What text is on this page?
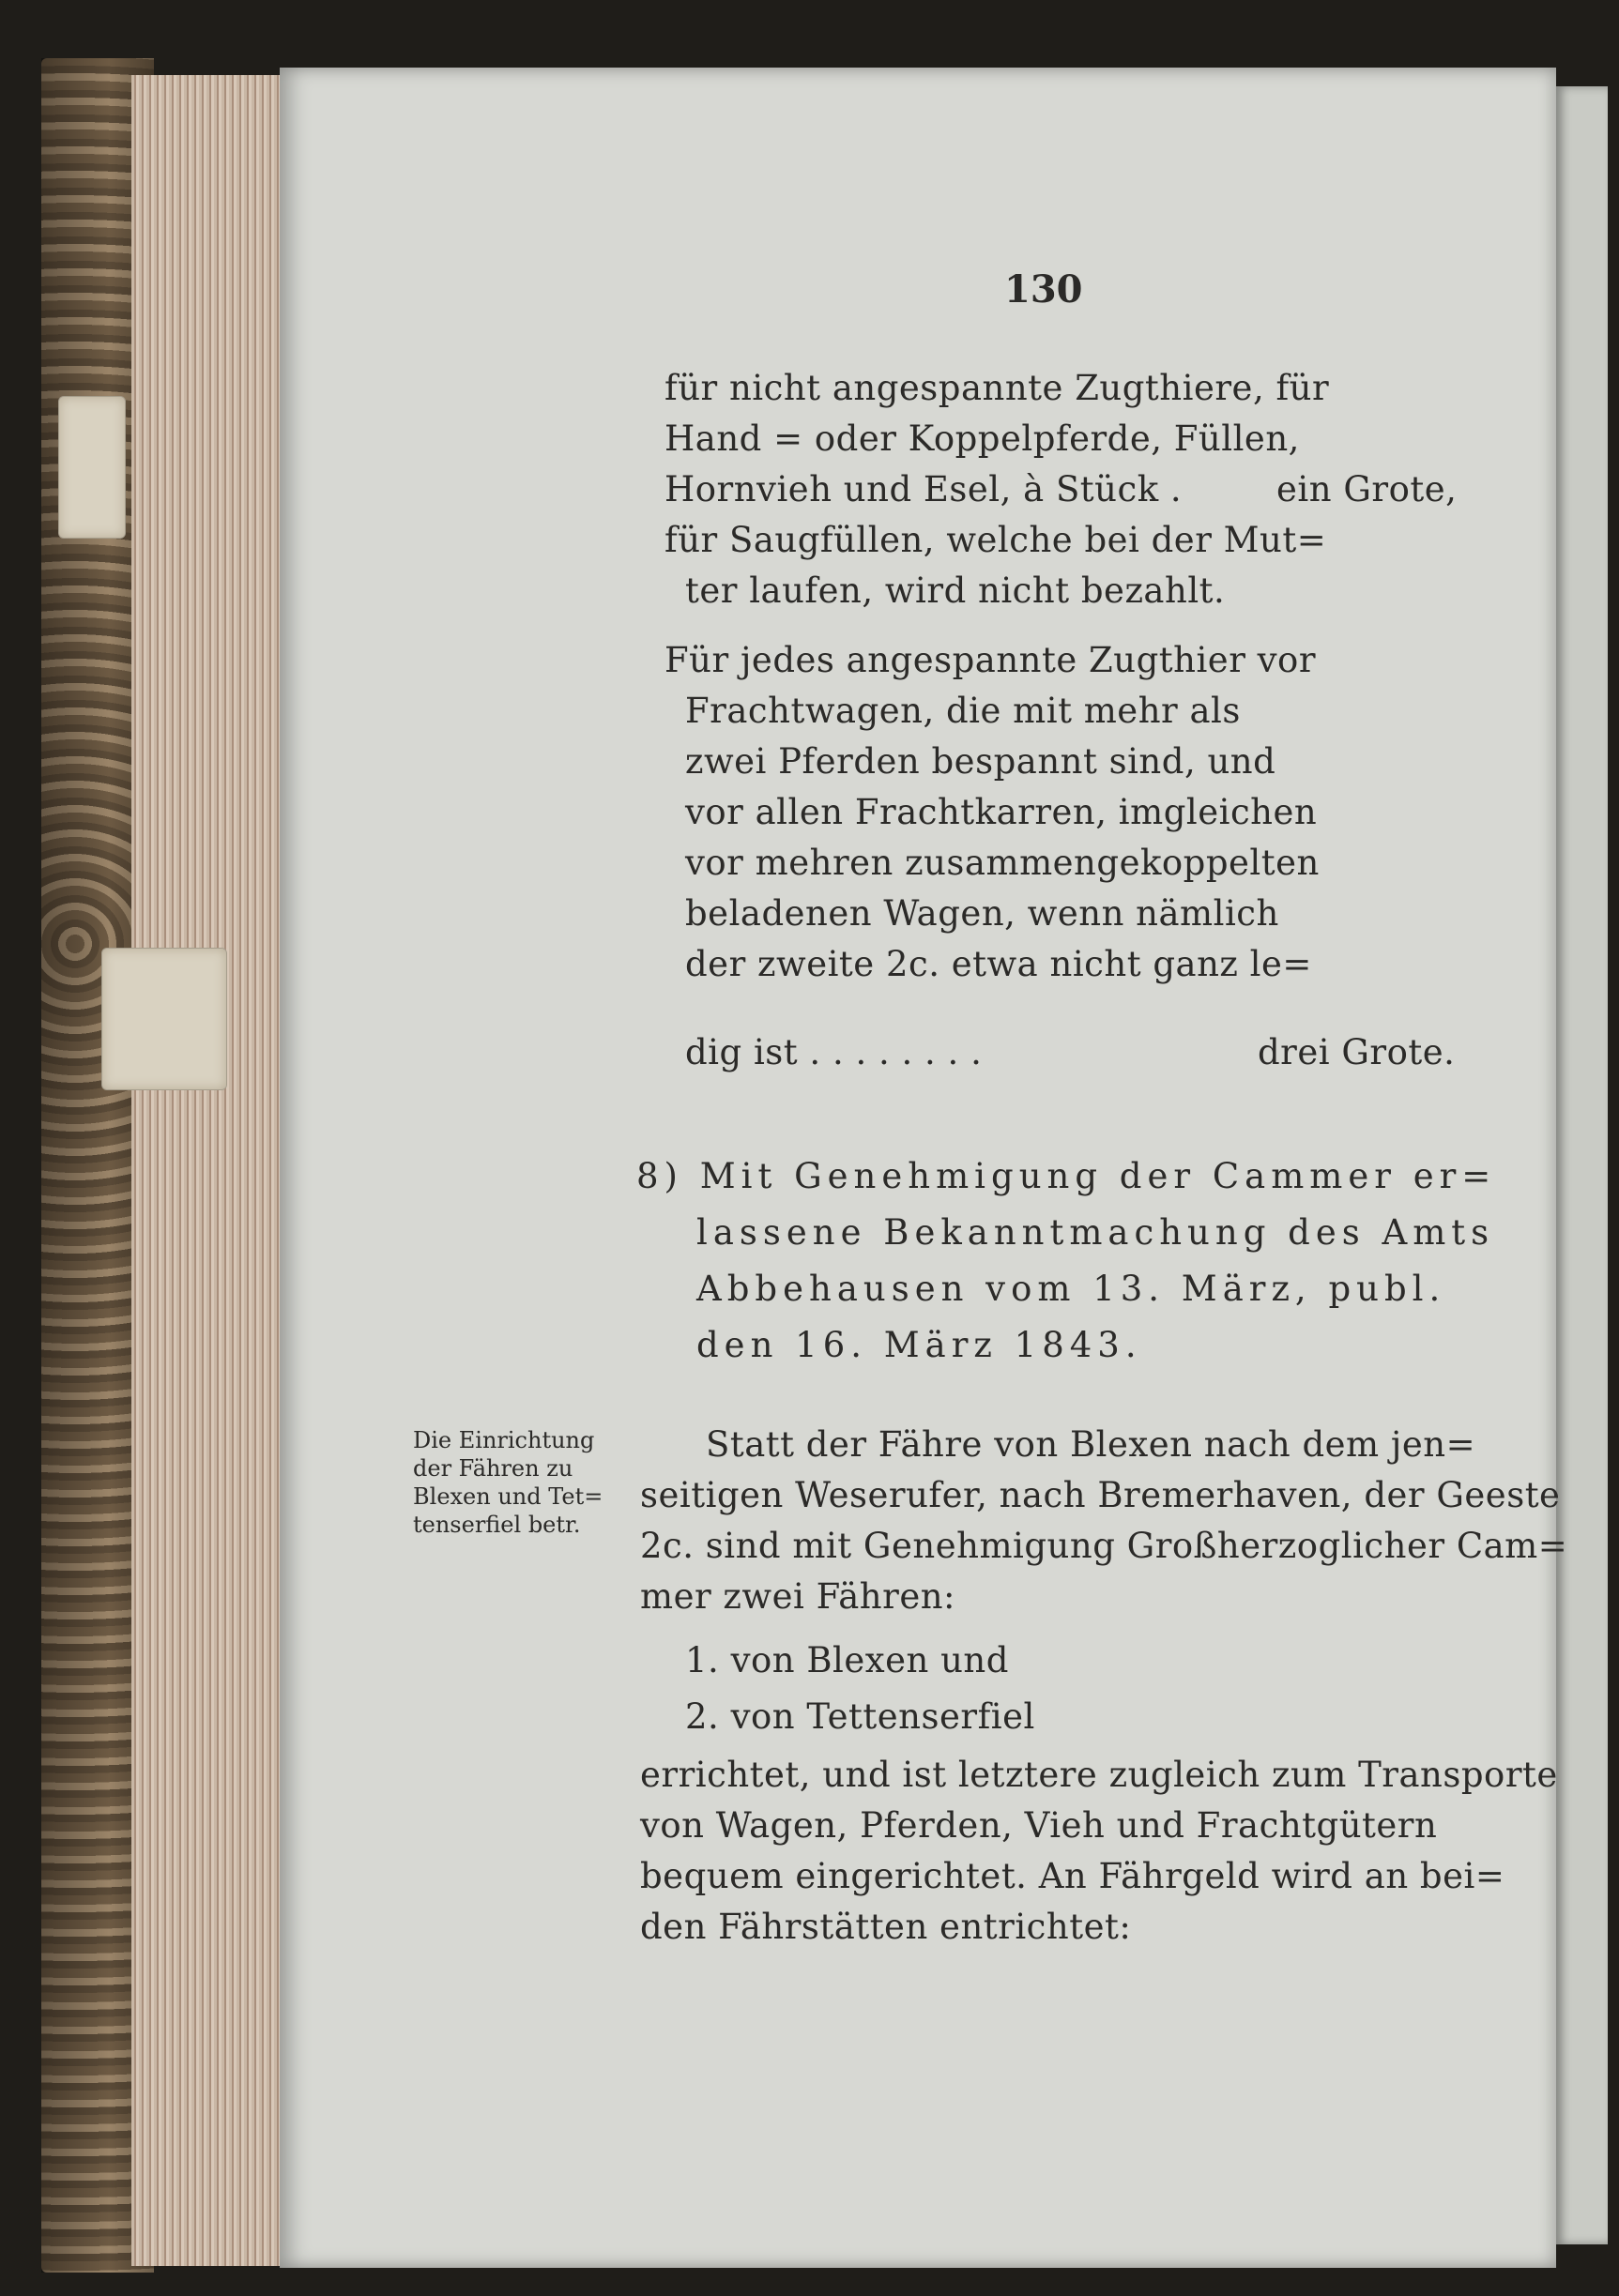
130
für nicht angespannte Zugthiere, für
Hand = oder Koppelpferde, Füllen,
Hornvieh und Esel, à Stück .	ein Grote,
für Saugfüllen, welche bei der Mut=
ter laufen, wird nicht bezahlt.
Für jedes angespannte Zugthier vor
Frachtwagen, die mit mehr als
zwei Pferden bespannt sind, und
vor allen Frachtkarren, imgleichen
vor mehren zusammengekoppelten
beladenen Wagen, wenn nämlich
der zweite 2c. etwa nicht ganz le=
dig ist . . . . . . . .	drei Grote.
8) Mit Genehmigung der Cammer er=
lassene Bekanntmachung des Amts
Abbehausen vom 13. März, publ.
den 16. März 1843.
Die Einrichtung
der Fähren zu
Blexen und Tet=
tenserfiel betr.
Statt der Fähre von Blexen nach dem jen=
seitigen Weserufer, nach Bremerhaven, der Geeste
2c. sind mit Genehmigung Großherzoglicher Cam=
mer zwei Fähren:
1. von Blexen und
2. von Tettenserfiel
errichtet, und ist letztere zugleich zum Transporte
von Wagen, Pferden, Vieh und Frachtgütern
bequem eingerichtet. An Fährgeld wird an bei=
den Fährstätten entrichtet:
